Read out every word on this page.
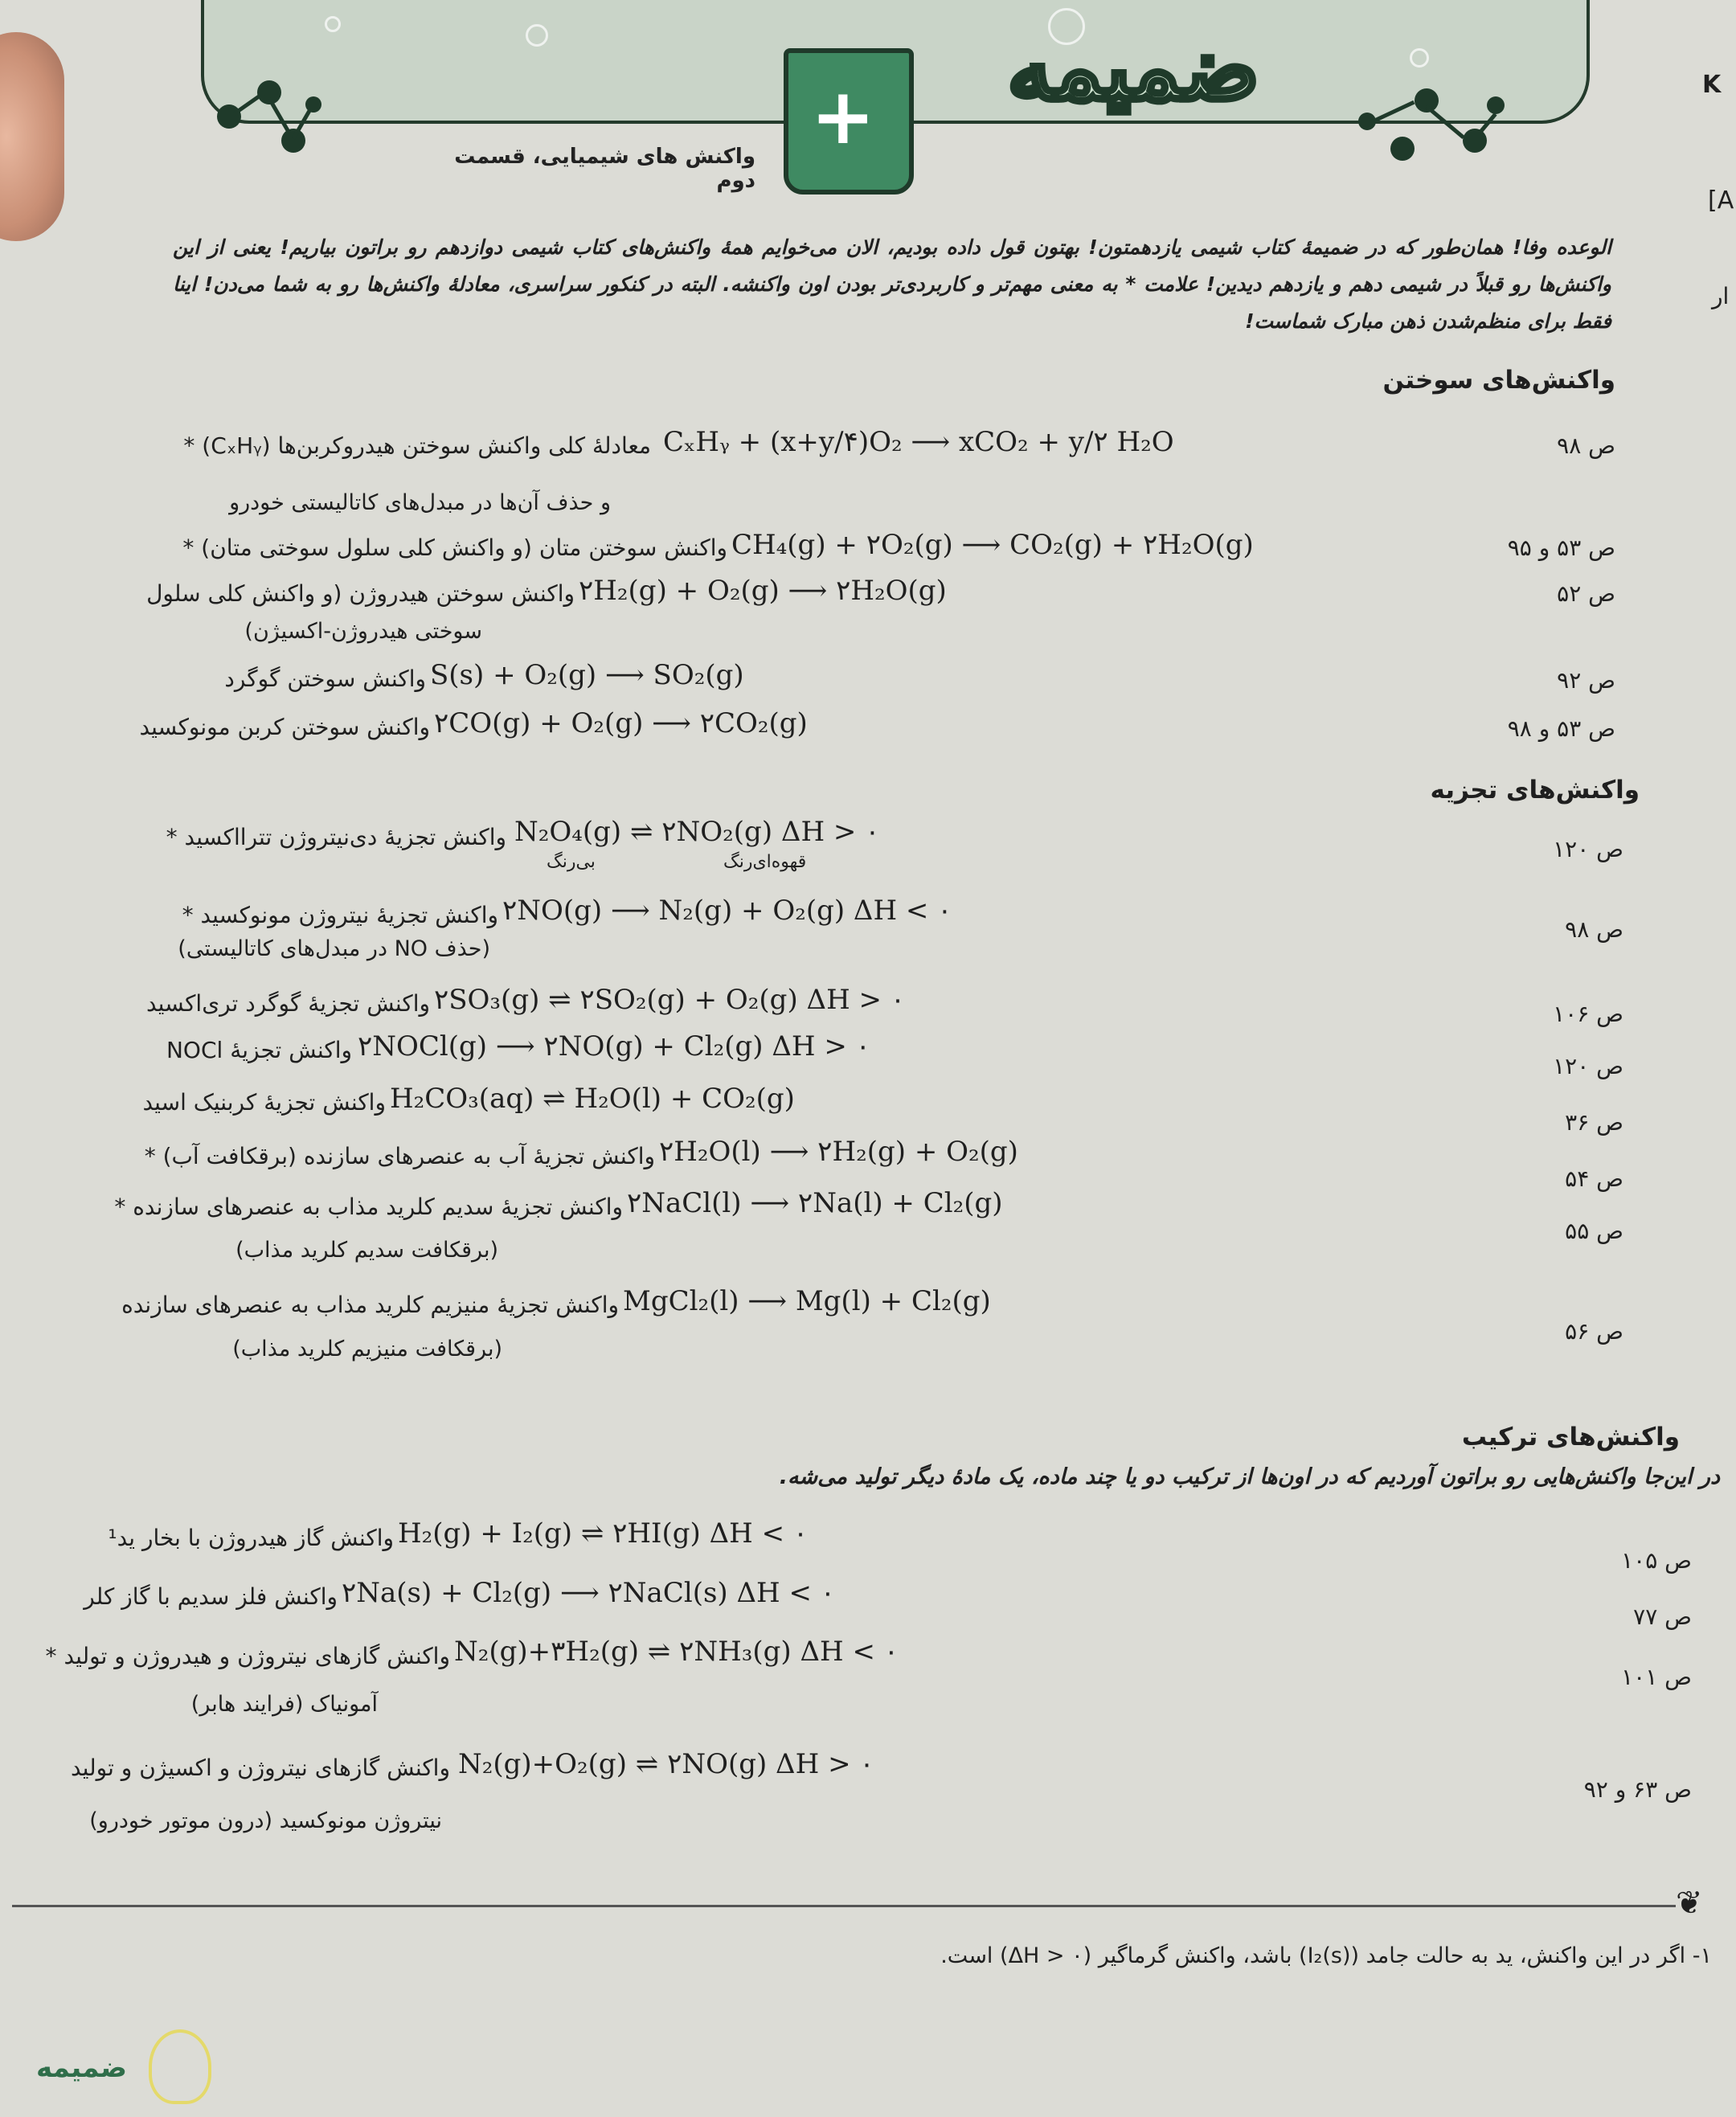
ضمیمه
+
واکنش های شیمیایی، قسمت دوم
K
[A
ار
الوعده وفا! همان‌طور که در ضمیمهٔ کتاب شیمی یازدهمتون! بهتون قول داده بودیم، الان می‌خوایم همهٔ واکنش‌های کتاب شیمی دوازدهم رو براتون بیاریم! یعنی از این واکنش‌ها رو قبلاً در شیمی دهم و یازدهم دیدین! علامت * به معنی مهم‌تر و کاربردی‌تر بودن اون واکنشه. البته در کنکور سراسری، معادلهٔ واکنش‌ها رو به شما می‌دن! اینا فقط برای منظم‌شدن ذهن مبارک شماست!
واکنش‌های سوختن
ص ۹۸
معادلهٔ کلی واکنش سوختن هیدروکربن‌ها (CₓHᵧ) * CₓHᵧ + (x+y/۴)O₂ ⟶ xCO₂ + y/۲ H₂O
و حذف آن‌ها در مبدل‌های کاتالیستی خودرو
ص ۵۳ و ۹۵
واکنش سوختن متان (و واکنش کلی سلول سوختی متان) * CH₄(g) + ۲O₂(g) ⟶ CO₂(g) + ۲H₂O(g)
ص ۵۲
واکنش سوختن هیدروژن (و واکنش کلی سلول ۲H₂(g) + O₂(g) ⟶ ۲H₂O(g)
سوختی هیدروژن-اکسیژن)
ص ۹۲
واکنش سوختن گوگرد S(s) + O₂(g) ⟶ SO₂(g)
ص ۵۳ و ۹۸
واکنش سوختن کربن مونوکسید ۲CO(g) + O₂(g) ⟶ ۲CO₂(g)
واکنش‌های تجزیه
ص ۱۲۰
واکنش تجزیهٔ دی‌نیتروژن تترااکسید * N₂O₄(g) ⇌ ۲NO₂(g) ΔH > ۰
بی‌رنگ	قهوه‌ای‌رنگ
ص ۹۸
واکنش تجزیهٔ نیتروژن مونوکسید * ۲NO(g) ⟶ N₂(g) + O₂(g) ΔH < ۰
(حذف NO در مبدل‌های کاتالیستی)
ص ۱۰۶
واکنش تجزیهٔ گوگرد تری‌اکسید ۲SO₃(g) ⇌ ۲SO₂(g) + O₂(g) ΔH > ۰
ص ۱۲۰
واکنش تجزیهٔ NOCl ۲NOCl(g) ⟶ ۲NO(g) + Cl₂(g) ΔH > ۰
ص ۳۶
واکنش تجزیهٔ کربنیک اسید H₂CO₃(aq) ⇌ H₂O(l) + CO₂(g)
ص ۵۴
واکنش تجزیهٔ آب به عنصرهای سازنده (برقکافت آب) * ۲H₂O(l) ⟶ ۲H₂(g) + O₂(g)
ص ۵۵
واکنش تجزیهٔ سدیم کلرید مذاب به عنصرهای سازنده * ۲NaCl(l) ⟶ ۲Na(l) + Cl₂(g)
(برقکافت سدیم کلرید مذاب)
ص ۵۶
واکنش تجزیهٔ منیزیم کلرید مذاب به عنصرهای سازنده MgCl₂(l) ⟶ Mg(l) + Cl₂(g)
(برقکافت منیزیم کلرید مذاب)
واکنش‌های ترکیب
در این‌جا واکنش‌هایی رو براتون آوردیم که در اون‌ها از ترکیب دو یا چند ماده، یک مادهٔ دیگر تولید می‌شه.
ص ۱۰۵
واکنش گاز هیدروژن با بخار ید¹ H₂(g) + I₂(g) ⇌ ۲HI(g) ΔH < ۰
ص ۷۷
واکنش فلز سدیم با گاز کلر ۲Na(s) + Cl₂(g) ⟶ ۲NaCl(s) ΔH < ۰
ص ۱۰۱
واکنش گازهای نیتروژن و هیدروژن و تولید * N₂(g)+۳H₂(g) ⇌ ۲NH₃(g) ΔH < ۰
آمونیاک (فرایند هابر)
ص ۶۳ و ۹۲
واکنش گازهای نیتروژن و اکسیژن و تولید N₂(g)+O₂(g) ⇌ ۲NO(g) ΔH > ۰
نیتروژن مونوکسید (درون موتور خودرو)
❦
۱- اگر در این واکنش، ید به حالت جامد (I₂(s)) باشد، واکنش گرماگیر (ΔH > ۰) است.
ضمیمه
